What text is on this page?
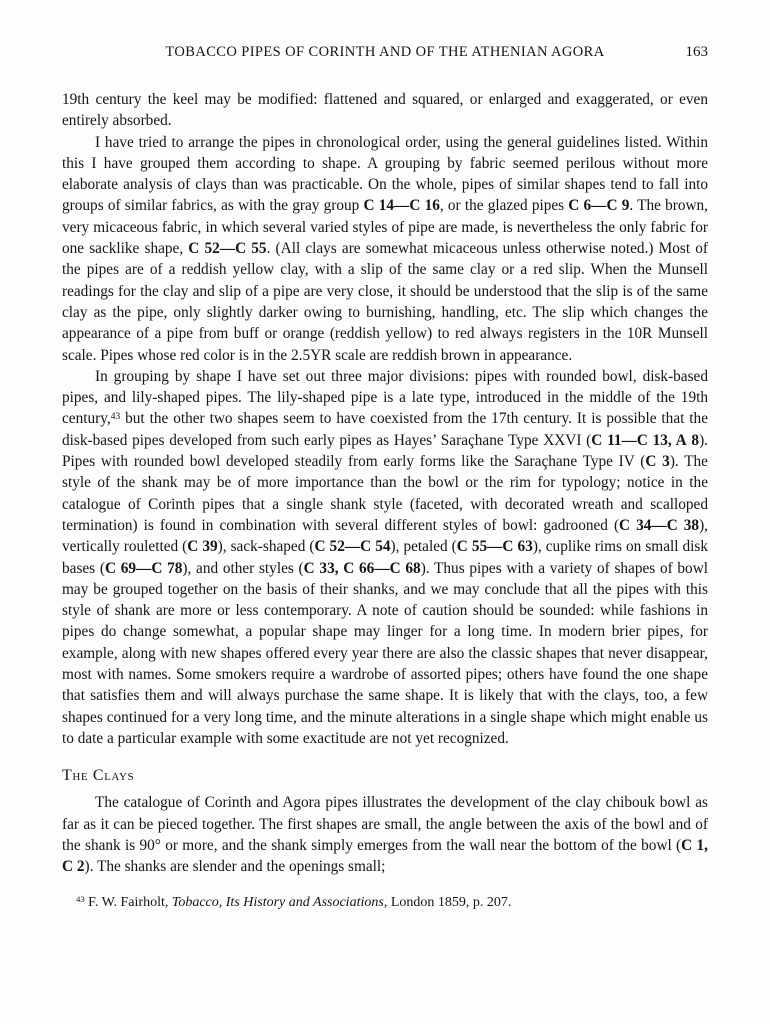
TOBACCO PIPES OF CORINTH AND OF THE ATHENIAN AGORA	163

19th century the keel may be modified: flattened and squared, or enlarged and exaggerated, or even entirely absorbed.

I have tried to arrange the pipes in chronological order, using the general guidelines listed. Within this I have grouped them according to shape. A grouping by fabric seemed perilous without more elaborate analysis of clays than was practicable. On the whole, pipes of similar shapes tend to fall into groups of similar fabrics, as with the gray group C 14—C 16, or the glazed pipes C 6—C 9. The brown, very micaceous fabric, in which several varied styles of pipe are made, is nevertheless the only fabric for one sacklike shape, C 52—C 55. (All clays are somewhat micaceous unless otherwise noted.) Most of the pipes are of a reddish yellow clay, with a slip of the same clay or a red slip. When the Munsell readings for the clay and slip of a pipe are very close, it should be understood that the slip is of the same clay as the pipe, only slightly darker owing to burnishing, handling, etc. The slip which changes the appearance of a pipe from buff or orange (reddish yellow) to red always registers in the 10R Munsell scale. Pipes whose red color is in the 2.5YR scale are reddish brown in appearance.

In grouping by shape I have set out three major divisions: pipes with rounded bowl, disk-based pipes, and lily-shaped pipes. The lily-shaped pipe is a late type, introduced in the middle of the 19th century,$^{43}$ but the other two shapes seem to have coexisted from the 17th century. It is possible that the disk-based pipes developed from such early pipes as Hayes’ Saraçhane Type XXVI (C 11—C 13, A 8). Pipes with rounded bowl developed steadily from early forms like the Saraçhane Type IV (C 3). The style of the shank may be of more importance than the bowl or the rim for typology; notice in the catalogue of Corinth pipes that a single shank style (faceted, with decorated wreath and scalloped termination) is found in combination with several different styles of bowl: gadrooned (C 34—C 38), vertically rouletted (C 39), sack-shaped (C 52—C 54), petaled (C 55—C 63), cuplike rims on small disk bases (C 69—C 78), and other styles (C 33, C 66—C 68). Thus pipes with a variety of shapes of bowl may be grouped together on the basis of their shanks, and we may conclude that all the pipes with this style of shank are more or less contemporary. A note of caution should be sounded: while fashions in pipes do change somewhat, a popular shape may linger for a long time. In modern brier pipes, for example, along with new shapes offered every year there are also the classic shapes that never disappear, most with names. Some smokers require a wardrobe of assorted pipes; others have found the one shape that satisfies them and will always purchase the same shape. It is likely that with the clays, too, a few shapes continued for a very long time, and the minute alterations in a single shape which might enable us to date a particular example with some exactitude are not yet recognized.

The Clays

The catalogue of Corinth and Agora pipes illustrates the development of the clay chibouk bowl as far as it can be pieced together. The first shapes are small, the angle between the axis of the bowl and of the shank is 90° or more, and the shank simply emerges from the wall near the bottom of the bowl (C 1, C 2). The shanks are slender and the openings small;

$^{43}$ F. W. Fairholt, Tobacco, Its History and Associations, London 1859, p. 207.
